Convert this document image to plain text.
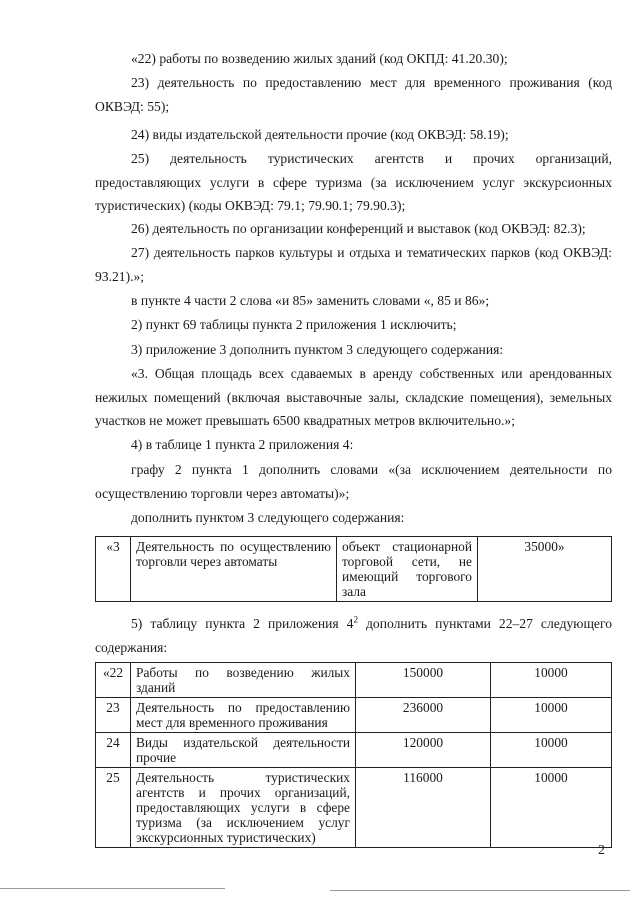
«22) работы по возведению жилых зданий (код ОКПД: 41.20.30);
23) деятельность по предоставлению мест для временного проживания (код ОКВЭД: 55);
24) виды издательской деятельности прочие (код ОКВЭД: 58.19);
25) деятельность туристических агентств и прочих организаций, предоставляющих услуги в сфере туризма (за исключением услуг экскурсионных туристических) (коды ОКВЭД: 79.1; 79.90.1; 79.90.3);
26) деятельность по организации конференций и выставок (код ОКВЭД: 82.3);
27) деятельность парков культуры и отдыха и тематических парков (код ОКВЭД: 93.21).»;
в пункте 4 части 2 слова «и 85» заменить словами «, 85 и 86»;
2) пункт 69 таблицы пункта 2 приложения 1 исключить;
3) приложение 3 дополнить пунктом 3 следующего содержания:
«3. Общая площадь всех сдаваемых в аренду собственных или арендованных нежилых помещений (включая выставочные залы, складские помещения), земельных участков не может превышать 6500 квадратных метров включительно.»;
4) в таблице 1 пункта 2 приложения 4:
графу 2 пункта 1 дополнить словами «(за исключением деятельности по осуществлению торговли через автоматы)»;
дополнить пунктом 3 следующего содержания:
«3	Деятельность по осуществлению торговли через автоматы	объект стационарной торговой сети, не имеющий торгового зала	35000»
5) таблицу пункта 2 приложения $4^2$ дополнить пунктами 22–27 следующего содержания:
«22	Работы по возведению жилых зданий	150000	10000
23	Деятельность по предоставлению мест для временного проживания	236000	10000
24	Виды издательской деятельности прочие	120000	10000
25	Деятельность туристических агентств и прочих организаций, предоставляющих услуги в сфере туризма (за исключением услуг экскурсионных туристических)	116000	10000
2
